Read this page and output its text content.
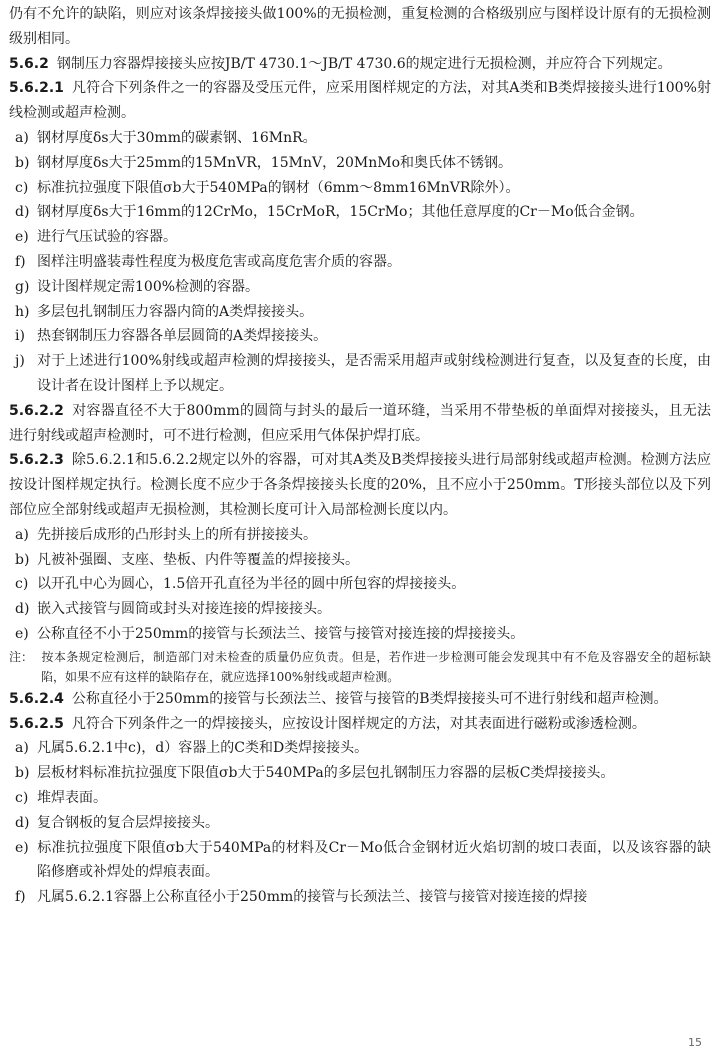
仍有不允许的缺陷，则应对该条焊接接头做100%的无损检测，重复检测的合格级别应与图样设计原有的无损检测级别相同。

5.6.2 钢制压力容器焊接接头应按JB/T 4730.1～JB/T 4730.6的规定进行无损检测，并应符合下列规定。

5.6.2.1 凡符合下列条件之一的容器及受压元件，应采用图样规定的方法，对其A类和B类焊接接头进行100%射线检测或超声检测。

a) 钢材厚度δs大于30mm的碳素钢、16MnR。

b) 钢材厚度δs大于25mm的15MnVR，15MnV，20MnMo和奥氏体不锈钢。

c) 标准抗拉强度下限值σb大于540MPa的钢材（6mm～8mm16MnVR除外）。

d) 钢材厚度δs大于16mm的12CrMo，15CrMoR，15CrMo；其他任意厚度的Cr－Mo低合金钢。

e) 进行气压试验的容器。

f) 图样注明盛装毒性程度为极度危害或高度危害介质的容器。

g) 设计图样规定需100%检测的容器。

h) 多层包扎钢制压力容器内筒的A类焊接接头。

i) 热套钢制压力容器各单层圆筒的A类焊接接头。

j) 对于上述进行100%射线或超声检测的焊接接头，是否需采用超声或射线检测进行复查，以及复查的长度，由设计者在设计图样上予以规定。

5.6.2.2 对容器直径不大于800mm的圆筒与封头的最后一道环缝，当采用不带垫板的单面焊对接接头，且无法进行射线或超声检测时，可不进行检测，但应采用气体保护焊打底。

5.6.2.3 除5.6.2.1和5.6.2.2规定以外的容器，可对其A类及B类焊接接头进行局部射线或超声检测。检测方法应按设计图样规定执行。检测长度不应少于各条焊接接头长度的20%，且不应小于250mm。T形接头部位以及下列部位应全部射线或超声无损检测，其检测长度可计入局部检测长度以内。

a) 先拼接后成形的凸形封头上的所有拼接接头。

b) 凡被补强圈、支座、垫板、内件等覆盖的焊接接头。

c) 以开孔中心为圆心，1.5倍开孔直径为半径的圆中所包容的焊接接头。

d) 嵌入式接管与圆筒或封头对接连接的焊接接头。

e) 公称直径不小于250mm的接管与长颈法兰、接管与接管对接连接的焊接接头。

注： 按本条规定检测后，制造部门对未检查的质量仍应负责。但是，若作进一步检测可能会发现其中有不危及容器安全的超标缺陷，如果不应有这样的缺陷存在，就应选择100%射线或超声检测。

5.6.2.4 公称直径小于250mm的接管与长颈法兰、接管与接管的B类焊接接头可不进行射线和超声检测。

5.6.2.5 凡符合下列条件之一的焊接接头，应按设计图样规定的方法，对其表面进行磁粉或渗透检测。

a) 凡属5.6.2.1中c)，d）容器上的C类和D类焊接接头。

b) 层板材料标准抗拉强度下限值σb大于540MPa的多层包扎钢制压力容器的层板C类焊接接头。

c) 堆焊表面。

d) 复合钢板的复合层焊接接头。

e) 标准抗拉强度下限值σb大于540MPa的材料及Cr－Mo低合金钢材近火焰切割的坡口表面，以及该容器的缺陷修磨或补焊处的焊痕表面。

f) 凡属5.6.2.1容器上公称直径小于250mm的接管与长颈法兰、接管与接管对接连接的焊接

15
